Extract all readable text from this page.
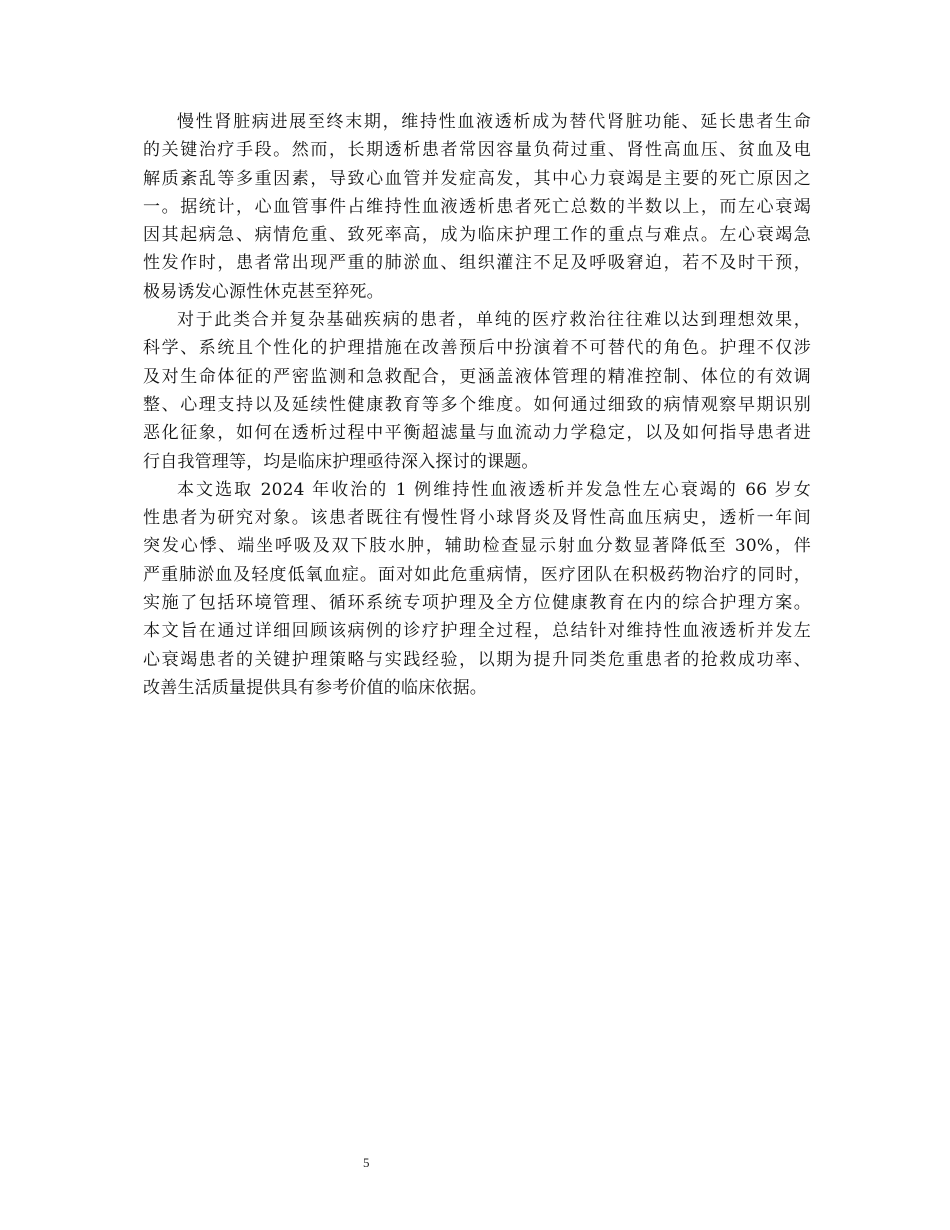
慢性肾脏病进展至终末期，维持性血液透析成为替代肾脏功能、延长患者生命
的关键治疗手段。然而，长期透析患者常因容量负荷过重、肾性高血压、贫血及电
解质紊乱等多重因素，导致心血管并发症高发，其中心力衰竭是主要的死亡原因之
一。据统计，心血管事件占维持性血液透析患者死亡总数的半数以上，而左心衰竭
因其起病急、病情危重、致死率高，成为临床护理工作的重点与难点。左心衰竭急
性发作时，患者常出现严重的肺淤血、组织灌注不足及呼吸窘迫，若不及时干预，
极易诱发心源性休克甚至猝死。
对于此类合并复杂基础疾病的患者，单纯的医疗救治往往难以达到理想效果，
科学、系统且个性化的护理措施在改善预后中扮演着不可替代的角色。护理不仅涉
及对生命体征的严密监测和急救配合，更涵盖液体管理的精准控制、体位的有效调
整、心理支持以及延续性健康教育等多个维度。如何通过细致的病情观察早期识别
恶化征象，如何在透析过程中平衡超滤量与血流动力学稳定，以及如何指导患者进
行自我管理等，均是临床护理亟待深入探讨的课题。
本文选取 2024 年收治的 1 例维持性血液透析并发急性左心衰竭的 66 岁女
性患者为研究对象。该患者既往有慢性肾小球肾炎及肾性高血压病史，透析一年间
突发心悸、端坐呼吸及双下肢水肿，辅助检查显示射血分数显著降低至 30%，伴
严重肺淤血及轻度低氧血症。面对如此危重病情，医疗团队在积极药物治疗的同时，
实施了包括环境管理、循环系统专项护理及全方位健康教育在内的综合护理方案。
本文旨在通过详细回顾该病例的诊疗护理全过程，总结针对维持性血液透析并发左
心衰竭患者的关键护理策略与实践经验，以期为提升同类危重患者的抢救成功率、
改善生活质量提供具有参考价值的临床依据。
5
